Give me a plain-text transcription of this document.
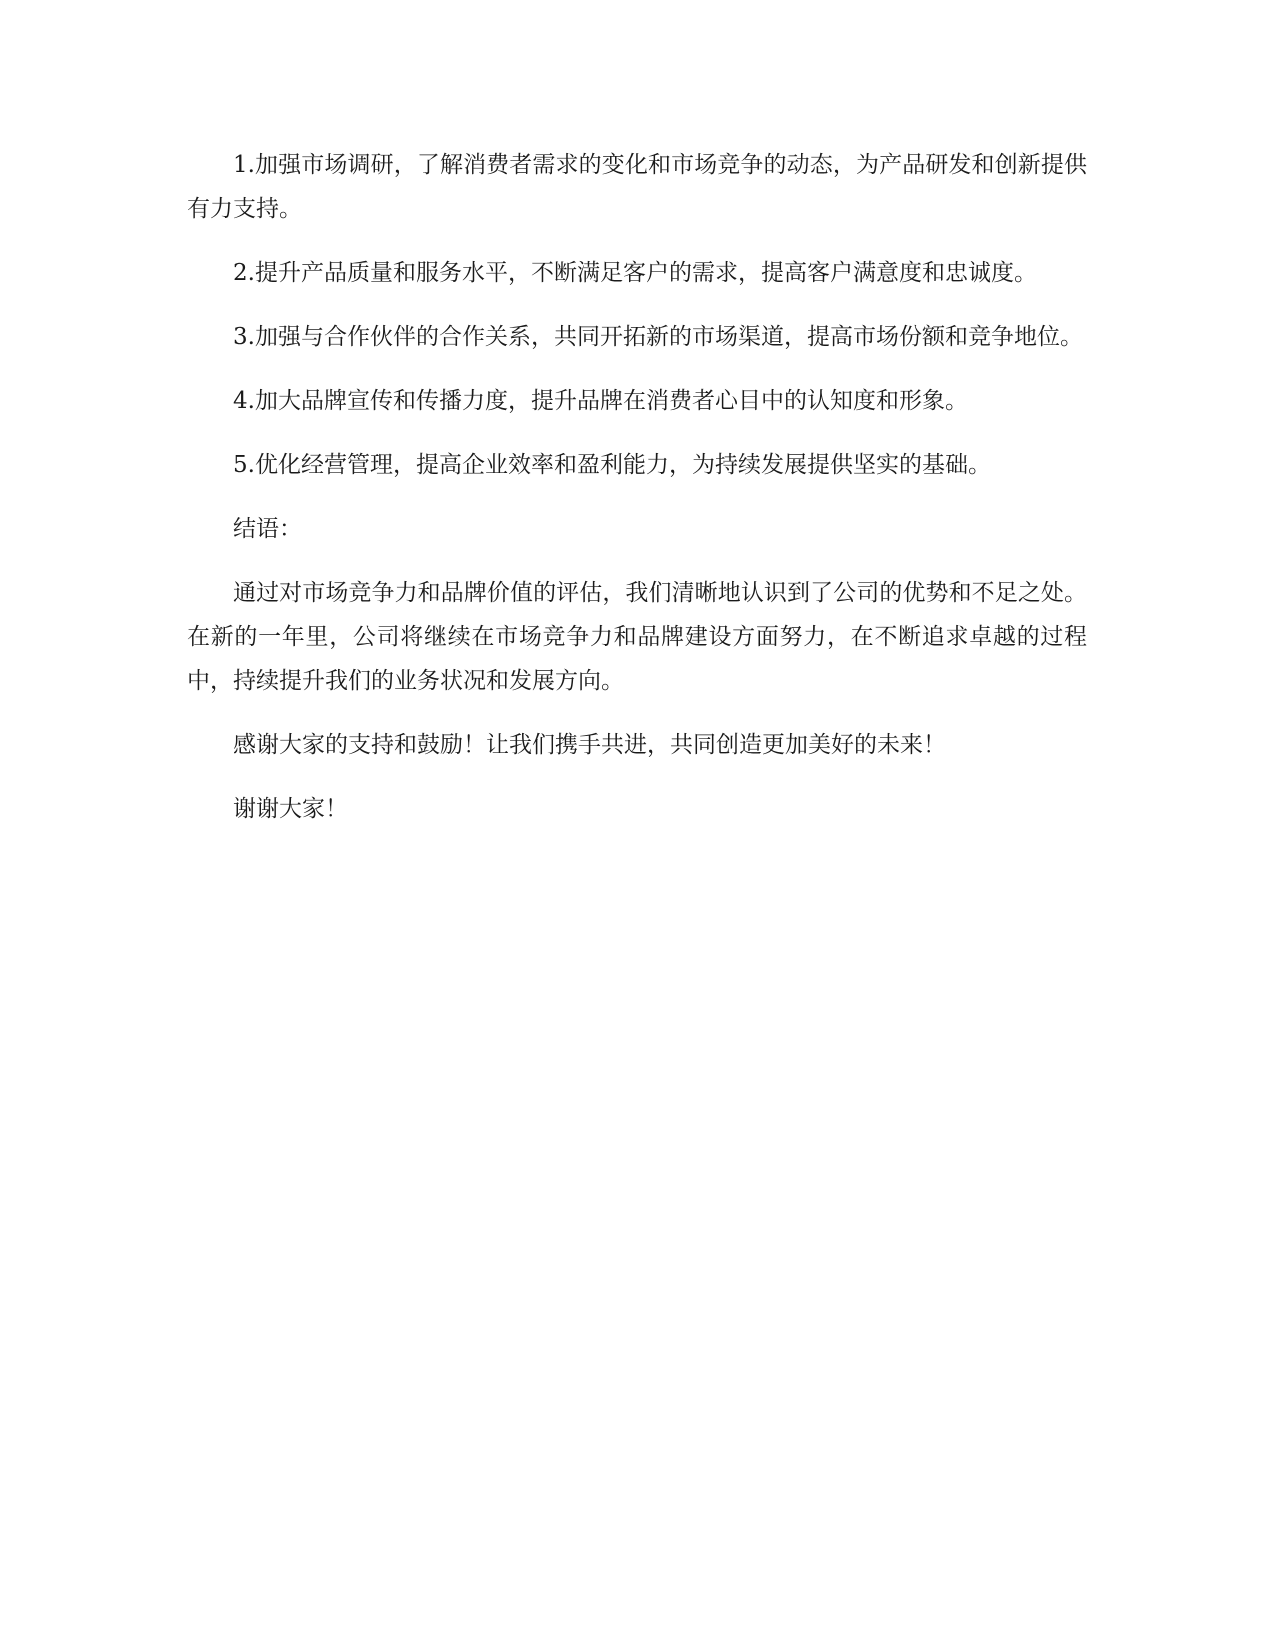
1.加强市场调研，了解消费者需求的变化和市场竞争的动态，为产品研发和创新提供有力支持。

2.提升产品质量和服务水平，不断满足客户的需求，提高客户满意度和忠诚度。

3.加强与合作伙伴的合作关系，共同开拓新的市场渠道，提高市场份额和竞争地位。

4.加大品牌宣传和传播力度，提升品牌在消费者心目中的认知度和形象。

5.优化经营管理，提高企业效率和盈利能力，为持续发展提供坚实的基础。

结语：

通过对市场竞争力和品牌价值的评估，我们清晰地认识到了公司的优势和不足之处。在新的一年里，公司将继续在市场竞争力和品牌建设方面努力，在不断追求卓越的过程中，持续提升我们的业务状况和发展方向。

感谢大家的支持和鼓励！让我们携手共进，共同创造更加美好的未来！

谢谢大家！
